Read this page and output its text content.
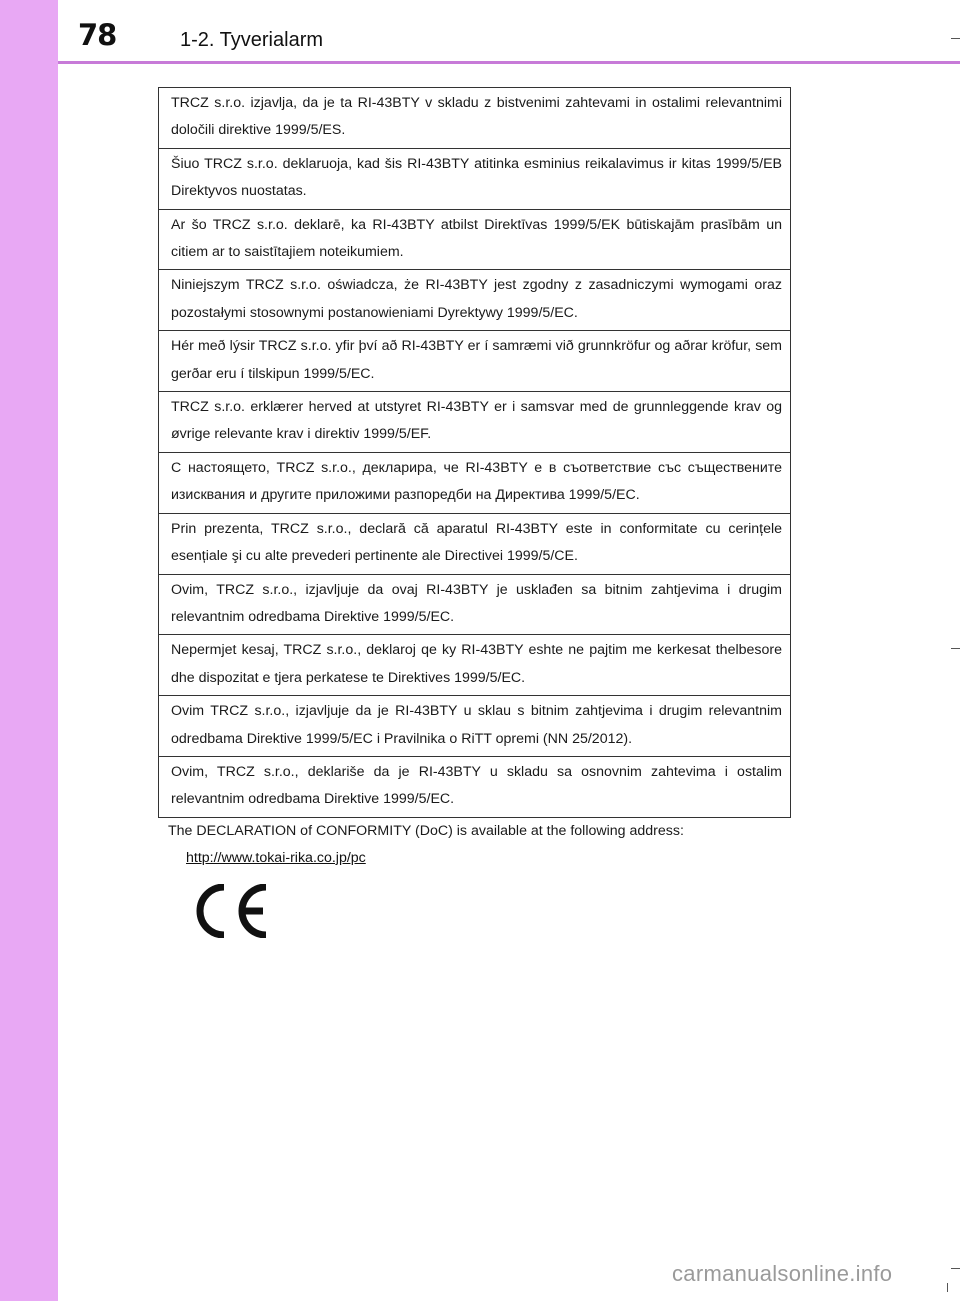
78	1-2. Tyverialarm
TRCZ s.r.o. izjavlja, da je ta RI-43BTY v skladu z bistvenimi zahtevami in ostalimi relevantnimi določili direktive 1999/5/ES.
Šiuo TRCZ s.r.o. deklaruoja, kad šis RI-43BTY atitinka esminius reikalavimus ir kitas 1999/5/EB Direktyvos nuostatas.
Ar šo TRCZ s.r.o. deklarē, ka RI-43BTY atbilst Direktīvas 1999/5/EK būtiskajām prasībām un citiem ar to saistītajiem noteikumiem.
Niniejszym TRCZ s.r.o. oświadcza, że RI-43BTY jest zgodny z zasadniczymi wymogami oraz pozostałymi stosownymi postanowieniami Dyrektywy 1999/5/EC.
Hér með lýsir TRCZ s.r.o. yfir því að RI-43BTY er í samræmi við grunnkröfur og aðrar kröfur, sem gerðar eru í tilskipun 1999/5/EC.
TRCZ s.r.o. erklærer herved at utstyret RI-43BTY er i samsvar med de grunnleggende krav og øvrige relevante krav i direktiv 1999/5/EF.
С настоящето, TRCZ s.r.o., декларира, че RI-43BTY е в съответствие със съществените изисквания и другите приложими разпоредби на Директива 1999/5/ЕС.
Prin prezenta, TRCZ s.r.o., declară că aparatul RI-43BTY este in conformitate cu cerințele esențiale şi cu alte prevederi pertinente ale Directivei 1999/5/CE.
Ovim, TRCZ s.r.o., izjavljuje da ovaj RI-43BTY je usklađen sa bitnim zahtjevima i drugim relevantnim odredbama Direktive 1999/5/EC.
Nepermjet kesaj, TRCZ s.r.o., deklaroj qe ky RI-43BTY eshte ne pajtim me kerkesat thelbesore dhe dispozitat e tjera perkatese te Direktives 1999/5/EC.
Ovim TRCZ s.r.o., izjavljuje da je RI-43BTY u sklau s bitnim zahtjevima i drugim relevantnim odredbama Direktive 1999/5/EC i Pravilnika o RiTT opremi (NN 25/2012).
Ovim, TRCZ s.r.o., deklariše da je RI-43BTY u skladu sa osnovnim zahtevima i ostalim relevantnim odredbama Direktive 1999/5/EC.
The DECLARATION of CONFORMITY (DoC) is available at the following address:
http://www.tokai-rika.co.jp/pc
carmanualsonline.info
